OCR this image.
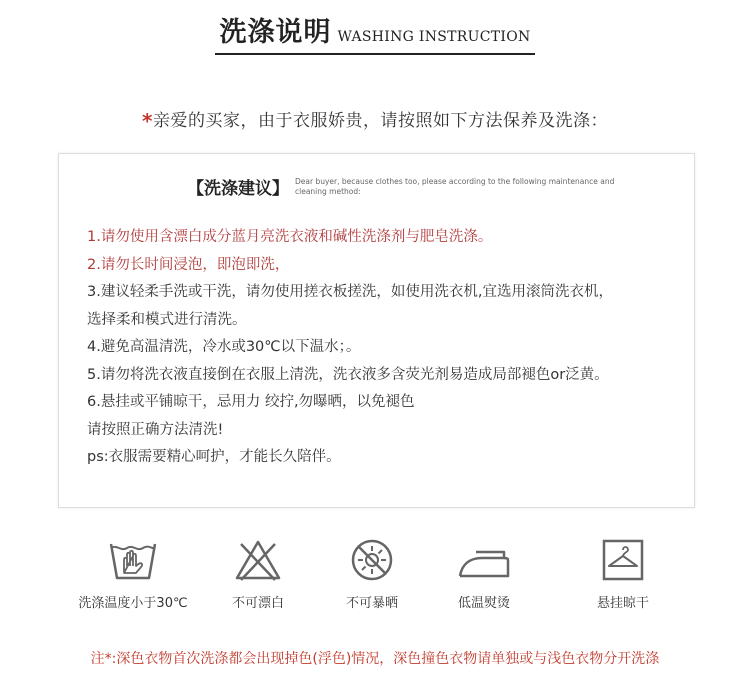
洗涤说明 WASHING INSTRUCTION
*亲爱的买家，由于衣服娇贵，请按照如下方法保养及洗涤：
【洗涤建议】 Dear buyer, because clothes too, please according to the following maintenance and cleaning method:
1.请勿使用含漂白成分蓝月亮洗衣液和碱性洗涤剂与肥皂洗涤。
2.请勿长时间浸泡，即泡即洗，
3.建议轻柔手洗或干洗，请勿使用搓衣板搓洗，如使用洗衣机,宜选用滚筒洗衣机，
选择柔和模式进行清洗。
4.避免高温清洗，冷水或30℃以下温水；。
5.请勿将洗衣液直接倒在衣服上清洗，洗衣液多含荧光剂易造成局部褪色or泛黄。
6.悬挂或平铺晾干，忌用力 绞拧,勿曝晒，以免褪色
请按照正确方法清洗!
ps:衣服需要精心呵护，才能长久陪伴。
洗涤温度小于30℃	不可漂白	不可暴晒	低温熨烫	悬挂晾干
注*:深色衣物首次洗涤都会出现掉色(浮色)情况，深色撞色衣物请单独或与浅色衣物分开洗涤
